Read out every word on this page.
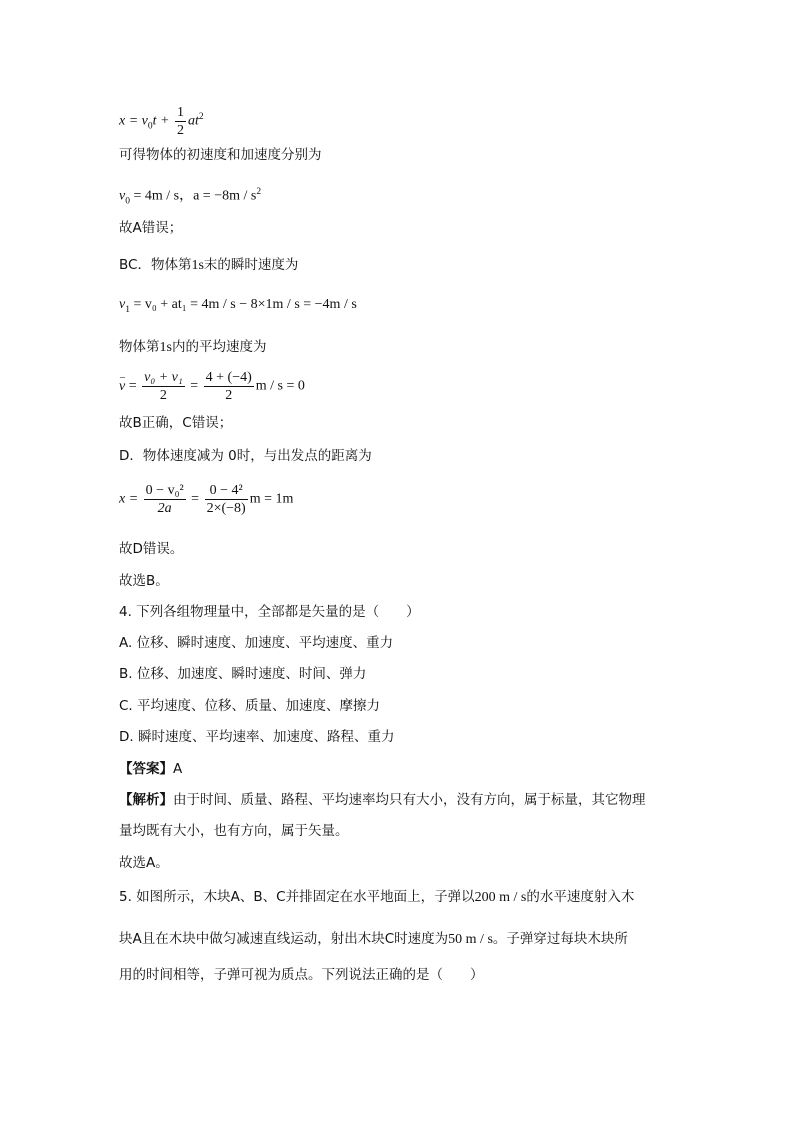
$x = v_0t + \frac{1}{2} at^2$
可得物体的初速度和加速度分别为
$v_0 = 4m / s$，$a = -8m / s^2$
故A错误；
BC．物体第1s末的瞬时速度为
$v_1 = v_0 + at_1 = 4m / s - 8\times 1m / s = -4m / s$
物体第1s内的平均速度为
– $v = \frac{\text{v₀ + v₁}}{2} = \frac{4 + (-4)}{2}$ m / s = 0
故B正确，C错误；
D．物体速度减为 0时，与出发点的距离为
$x = \frac{\text{0 − v₀²}}{2a} = \frac{\text{0 − 4²}}{2\times(-8)}$ m = 1m
故D错误。
故选B。
4. 下列各组物理量中，全部都是矢量的是（　　）
A. 位移、瞬时速度、加速度、平均速度、重力
B. 位移、加速度、瞬时速度、时间、弹力
C. 平均速度、位移、质量、加速度、摩擦力
D. 瞬时速度、平均速率、加速度、路程、重力
【答案】A
【解析】由于时间、质量、路程、平均速率均只有大小，没有方向，属于标量，其它物理
量均既有大小，也有方向，属于矢量。
故选A。
5. 如图所示，木块A、B、C并排固定在水平地面上，子弹以200 m / s的水平速度射入木
块A且在木块中做匀减速直线运动，射出木块C时速度为50 m / s。子弹穿过每块木块所
用的时间相等，子弹可视为质点。下列说法正确的是（　　）
